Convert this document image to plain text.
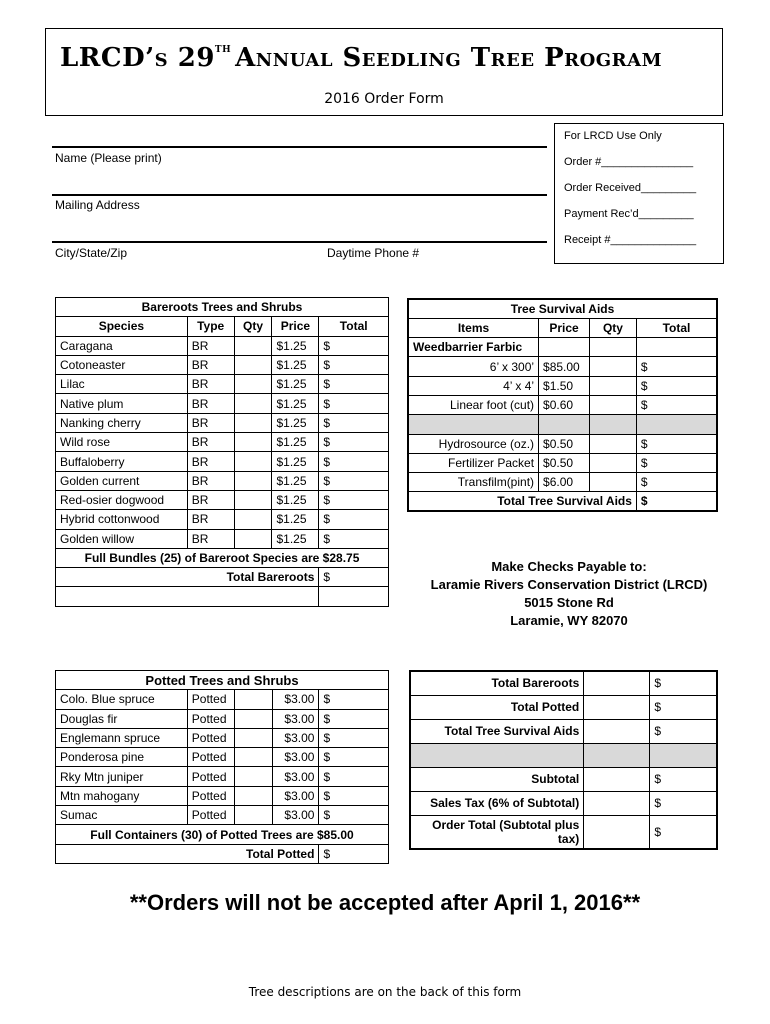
LRCD’s 29TH Annual Seedling Tree Program
2016 Order Form
Name (Please print)
Mailing Address
City/State/Zip	Daytime Phone #
For LRCD Use Only
Order #_______________
Order Received_________
Payment Rec’d_________
Receipt #______________
Bareroots Trees and Shrubs				
Species	Type	Qty	Price	Total
Caragana	BR		$1.25	$
Cotoneaster	BR		$1.25	$
Lilac	BR		$1.25	$
Native plum	BR		$1.25	$
Nanking cherry	BR		$1.25	$
Wild rose	BR		$1.25	$
Buffaloberry	BR		$1.25	$
Golden current	BR		$1.25	$
Red-osier dogwood	BR		$1.25	$
Hybrid cottonwood	BR		$1.25	$
Golden willow	BR		$1.25	$
Full Bundles (25) of Bareroot Species are $28.75				
Total Bareroots				$

Tree Survival Aids			
Items	Price	Qty	Total
Weedbarrier Farbic			
6’ x 300’	$85.00		$
4’ x 4’	$1.50		$
Linear foot (cut)	$0.60		$

Hydrosource (oz.)	$0.50		$
Fertilizer Packet	$0.50		$
Transfilm(pint)	$6.00		$
Total Tree Survival Aids			$
Make Checks Payable to:
Laramie Rivers Conservation District (LRCD)
5015 Stone Rd
Laramie, WY 82070
Potted Trees and Shrubs				
Colo. Blue spruce	Potted		$3.00	$
Douglas fir	Potted		$3.00	$
Englemann spruce	Potted		$3.00	$
Ponderosa pine	Potted		$3.00	$
Rky Mtn juniper	Potted		$3.00	$
Mtn mahogany	Potted		$3.00	$
Sumac	Potted		$3.00	$
Full Containers (30) of Potted Trees are $85.00				
Total Potted				$
Total Bareroots		$
Total Potted		$
Total Tree Survival Aids		$

Subtotal		$
Sales Tax (6% of Subtotal)		$
Order Total (Subtotal plus
tax)		$
**Orders will not be accepted after April 1, 2016**
Tree descriptions are on the back of this form
